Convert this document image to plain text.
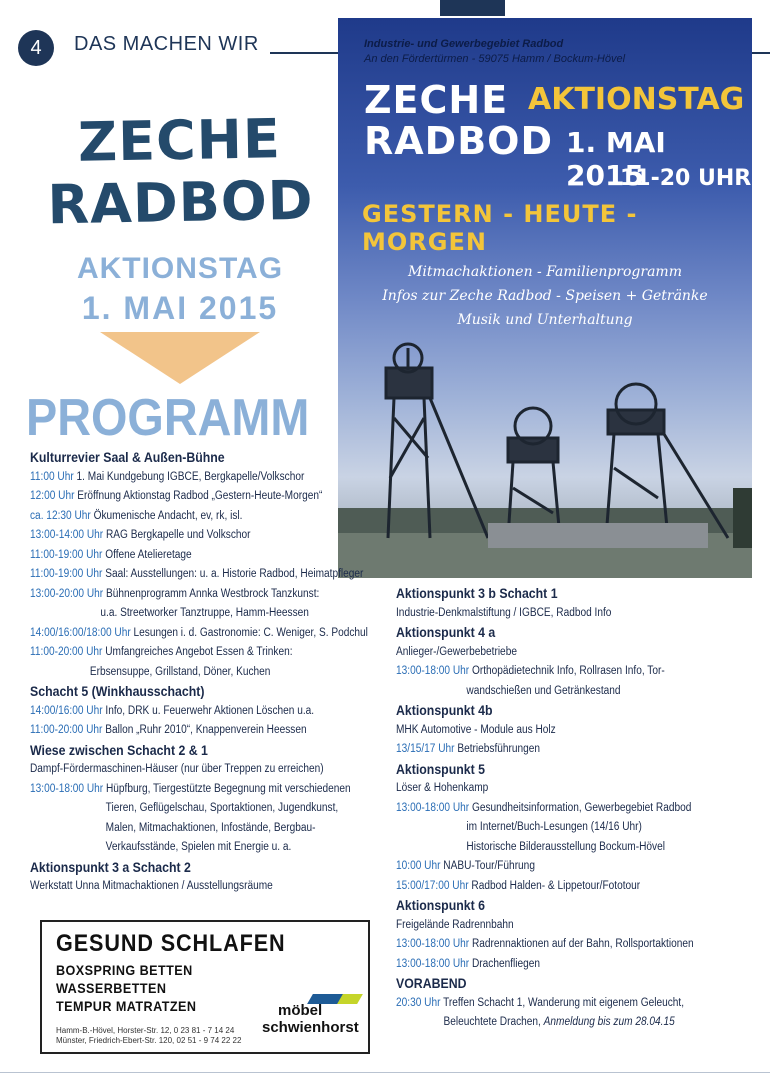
4	DAS MACHEN WIR
ZECHE
RADBOD
AKTIONSTAG
1. MAI 2015
PROGRAMM
Industrie- und Gewerbegebiet Radbod
An den Fördertürmen - 59075 Hamm / Bockum-Hövel
ZECHE
RADBOD
AKTIONSTAG
1. MAI 2015
11-20 UHR
GESTERN - HEUTE - MORGEN
Mitmachaktionen - Familienprogramm
Infos zur Zeche Radbod - Speisen + Getränke
Musik und Unterhaltung
Kulturrevier Saal & Außen-Bühne
11:00 Uhr 1. Mai Kundgebung IGBCE, Bergkapelle/Volkschor
12:00 Uhr Eröffnung Aktionstag Radbod „Gestern-Heute-Morgen“
ca. 12:30 Uhr Ökumenische Andacht, ev, rk, isl.
13:00-14:00 Uhr RAG Bergkapelle und Volkschor
11:00-19:00 Uhr Offene Atelieretage
11:00-19:00 Uhr Saal: Ausstellungen: u. a. Historie Radbod, Heimatpfleger
13:00-20:00 Uhr Bühnenprogramm Annka Westbrock Tanzkunst:
u.a. Streetworker Tanztruppe, Hamm-Heessen
14:00/16:00/18:00 Uhr Lesungen i. d. Gastronomie: C. Weniger, S. Podchul
11:00-20:00 Uhr Umfangreiches Angebot Essen & Trinken:
Erbsensuppe, Grillstand, Döner, Kuchen
Schacht 5 (Winkhausschacht)
14:00/16:00 Uhr Info, DRK u. Feuerwehr Aktionen Löschen u.a.
11:00-20:00 Uhr Ballon „Ruhr 2010“, Knappenverein Heessen
Wiese zwischen Schacht 2 & 1
Dampf-Fördermaschinen-Häuser (nur über Treppen zu erreichen)
13:00-18:00 Uhr Hüpfburg, Tiergestützte Begegnung mit verschiedenen
Tieren, Geflügelschau, Sportaktionen, Jugendkunst,
Malen, Mitmachaktionen, Infostände, Bergbau-
Verkaufsstände, Spielen mit Energie u. a.
Aktionspunkt 3 a Schacht 2
Werkstatt Unna Mitmachaktionen / Ausstellungsräume
Aktionspunkt 3 b Schacht 1
Industrie-Denkmalstiftung / IGBCE, Radbod Info
Aktionspunkt 4 a
Anlieger-/Gewerbebetriebe
13:00-18:00 Uhr Orthopädietechnik Info, Rollrasen Info, Tor-
wandschießen und Getränkestand
Aktionspunkt 4b
MHK Automotive - Module aus Holz
13/15/17 Uhr Betriebsführungen
Aktionspunkt 5
Löser & Hohenkamp
13:00-18:00 Uhr Gesundheitsinformation, Gewerbegebiet Radbod
im Internet/Buch-Lesungen (14/16 Uhr)
Historische Bilderausstellung Bockum-Hövel
10:00 Uhr NABU-Tour/Führung
15:00/17:00 Uhr Radbod Halden- & Lippetour/Fototour
Aktionspunkt 6
Freigelände Radrennbahn
13:00-18:00 Uhr Radrennaktionen auf der Bahn, Rollsportaktionen
13:00-18:00 Uhr Drachenfliegen
VORABEND
20:30 Uhr Treffen Schacht 1, Wanderung mit eigenem Geleucht,
Beleuchtete Drachen, Anmeldung bis zum 28.04.15
GESUND SCHLAFEN
BOXSPRING BETTEN
WASSERBETTEN
TEMPUR MATRATZEN
Hamm-B.-Hövel, Horster-Str. 12, 0 23 81 - 7 14 24
Münster, Friedrich-Ebert-Str. 120, 02 51 - 9 74 22 22
möbel
schwienhorst
